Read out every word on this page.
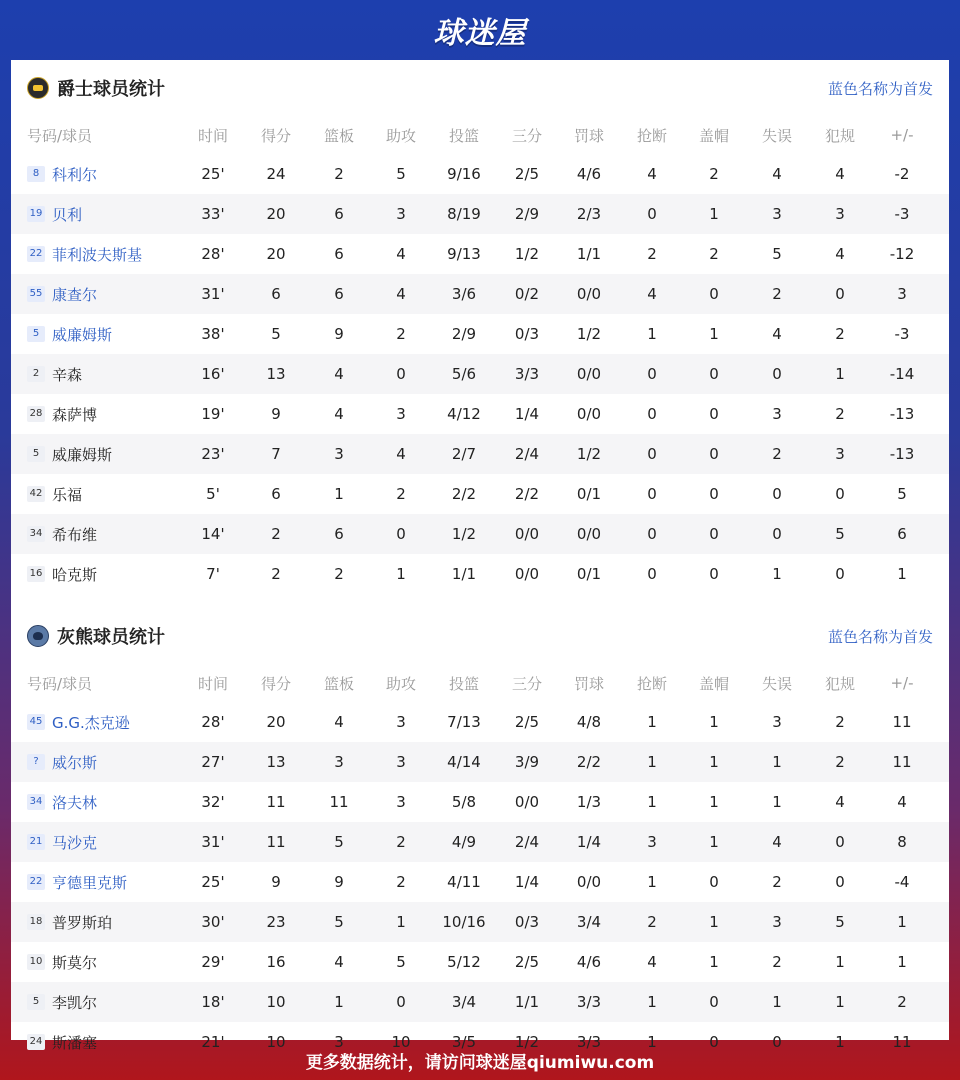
球迷屋
爵士球员统计	蓝色名称为首发
号码/球员	时间	得分	篮板	助攻	投篮	三分	罚球	抢断	盖帽	失误	犯规	+/-
8 科利尔	25'	24	2	5	9/16	2/5	4/6	4	2	4	4	-2
19 贝利	33'	20	6	3	8/19	2/9	2/3	0	1	3	3	-3
22 菲利波夫斯基	28'	20	6	4	9/13	1/2	1/1	2	2	5	4	-12
55 康查尔	31'	6	6	4	3/6	0/2	0/0	4	0	2	0	3
5 威廉姆斯	38'	5	9	2	2/9	0/3	1/2	1	1	4	2	-3
2 辛森	16'	13	4	0	5/6	3/3	0/0	0	0	0	1	-14
28 森萨博	19'	9	4	3	4/12	1/4	0/0	0	0	3	2	-13
5 威廉姆斯	23'	7	3	4	2/7	2/4	1/2	0	0	2	3	-13
42 乐福	5'	6	1	2	2/2	2/2	0/1	0	0	0	0	5
34 希布维	14'	2	6	0	1/2	0/0	0/0	0	0	0	5	6
16 哈克斯	7'	2	2	1	1/1	0/0	0/1	0	0	1	0	1
灰熊球员统计	蓝色名称为首发
号码/球员	时间	得分	篮板	助攻	投篮	三分	罚球	抢断	盖帽	失误	犯规	+/-
45 G.G.杰克逊	28'	20	4	3	7/13	2/5	4/8	1	1	3	2	11
? 威尔斯	27'	13	3	3	4/14	3/9	2/2	1	1	1	2	11
34 洛夫林	32'	11	11	3	5/8	0/0	1/3	1	1	1	4	4
21 马沙克	31'	11	5	2	4/9	2/4	1/4	3	1	4	0	8
22 亨德里克斯	25'	9	9	2	4/11	1/4	0/0	1	0	2	0	-4
18 普罗斯珀	30'	23	5	1	10/16	0/3	3/4	2	1	3	5	1
10 斯莫尔	29'	16	4	5	5/12	2/5	4/6	4	1	2	1	1
5 李凯尔	18'	10	1	0	3/4	1/1	3/3	1	0	1	1	2
24 斯潘塞	21'	10	3	10	3/5	1/2	3/3	1	0	0	1	11
更多数据统计，请访问球迷屋qiumiwu.com
